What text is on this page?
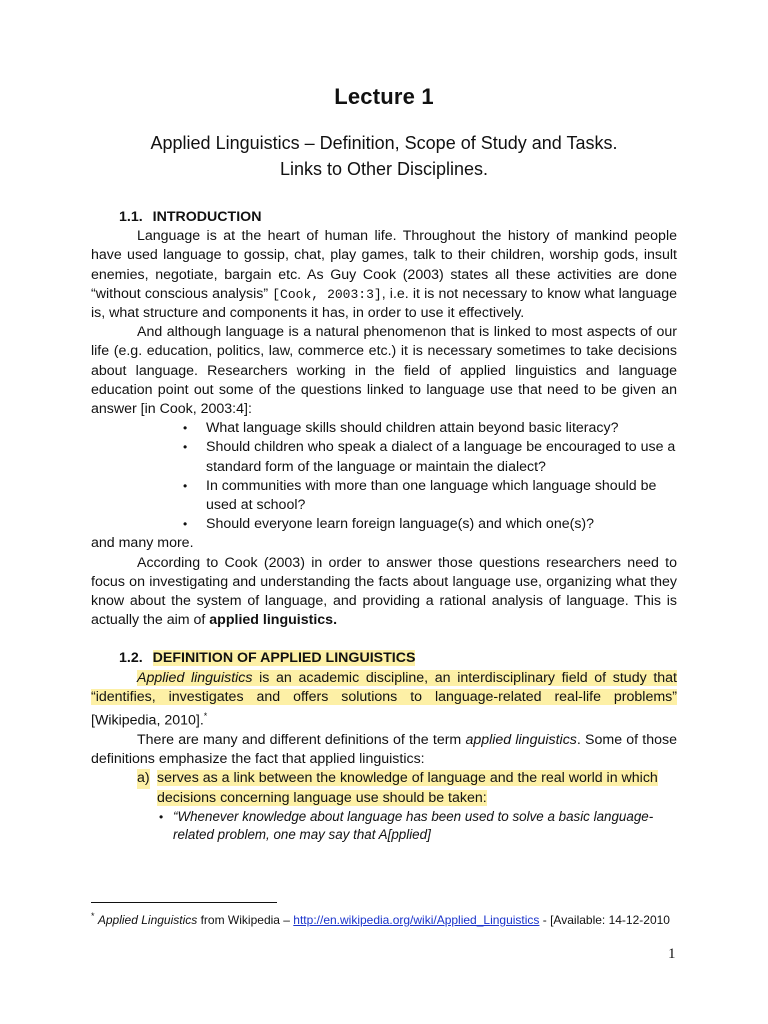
Lecture 1
Applied Linguistics – Definition, Scope of Study and Tasks.
Links to Other Disciplines.

1.1. INTRODUCTION

Language is at the heart of human life. Throughout the history of mankind people have used language to gossip, chat, play games, talk to their children, worship gods, insult enemies, negotiate, bargain etc. As Guy Cook (2003) states all these activities are done “without conscious analysis” [Cook, 2003:3], i.e. it is not necessary to know what language is, what structure and components it has, in order to use it effectively.

And although language is a natural phenomenon that is linked to most aspects of our life (e.g. education, politics, law, commerce etc.) it is necessary sometimes to take decisions about language. Researchers working in the field of applied linguistics and language education point out some of the questions linked to language use that need to be given an answer [in Cook, 2003:4]:

• What language skills should children attain beyond basic literacy?
• Should children who speak a dialect of a language be encouraged to use a standard form of the language or maintain the dialect?
• In communities with more than one language which language should be used at school?
• Should everyone learn foreign language(s) and which one(s)?

and many more.

According to Cook (2003) in order to answer those questions researchers need to focus on investigating and understanding the facts about language use, organizing what they know about the system of language, and providing a rational analysis of language. This is actually the aim of applied linguistics.

1.2. DEFINITION OF APPLIED LINGUISTICS

Applied linguistics is an academic discipline, an interdisciplinary field of study that “identifies, investigates and offers solutions to language-related real-life problems” [Wikipedia, 2010].*

There are many and different definitions of the term applied linguistics. Some of those definitions emphasize the fact that applied linguistics:

a) serves as a link between the knowledge of language and the real world in which decisions concerning language use should be taken:

• “Whenever knowledge about language has been used to solve a basic language-related problem, one may say that A[pplied]
* Applied Linguistics from Wikipedia – http://en.wikipedia.org/wiki/Applied_Linguistics - [Available: 14-12-2010
1
